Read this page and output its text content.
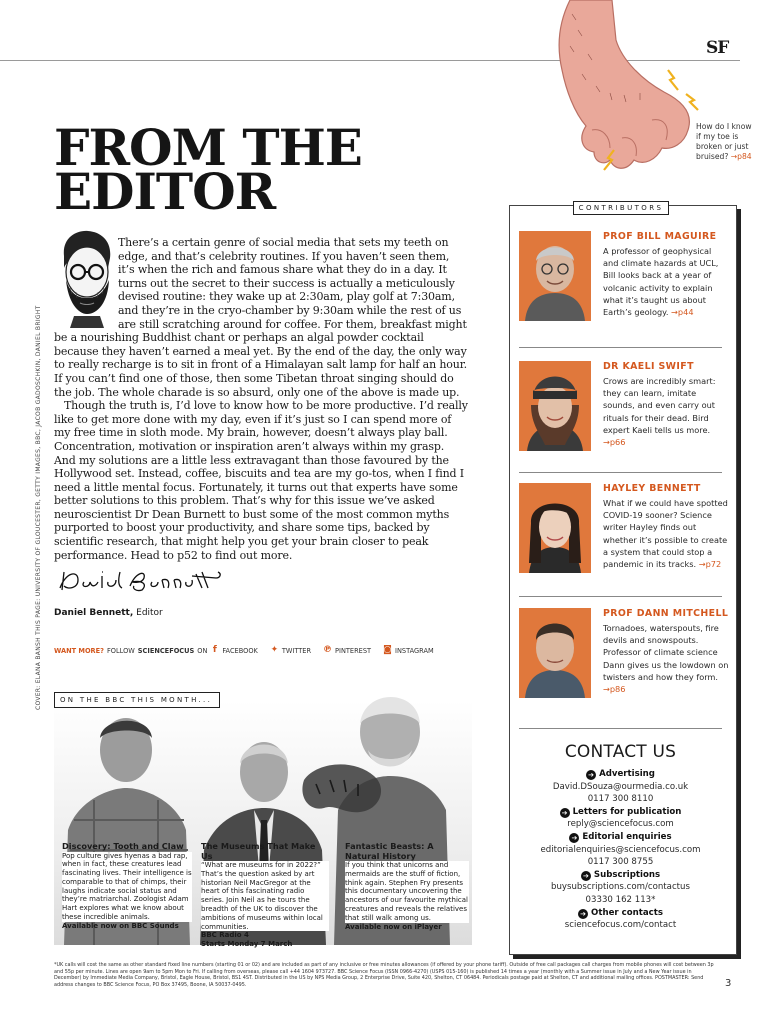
SF
How do I know if my toe is broken or just bruised? →p84
FROM THE
EDITOR
COVER: ELANA BANSH THIS PAGE: UNIVERSITY OF GLOUCESTER, GETTY IMAGES, BBC, JACOB GADOSCHKIN, DANIEL BRIGHT
There’s a certain genre of social media that sets my teeth on edge, and that’s celebrity routines. If you haven’t seen them, it’s when the rich and famous share what they do in a day. It turns out the secret to their success is actually a meticulously devised routine: they wake up at 2:30am, play golf at 7:30am, and they’re in the cryo-chamber by 9:30am while the rest of us are still scratching around for coffee. For them, breakfast might be a nourishing Buddhist chant or perhaps an algal powder cocktail because they haven’t earned a meal yet. By the end of the day, the only way to really recharge is to sit in front of a Himalayan salt lamp for half an hour. If you can’t find one of those, then some Tibetan throat singing should do the job. The whole charade is so absurd, only one of the above is made up.
Though the truth is, I’d love to know how to be more productive. I’d really like to get more done with my day, even if it’s just so I can spend more of my free time in sloth mode. My brain, however, doesn’t always play ball. Concentration, motivation or inspiration aren’t always within my grasp. And my solutions are a little less extravagant than those favoured by the Hollywood set. Instead, coffee, biscuits and tea are my go-tos, when I find I need a little mental focus. Fortunately, it turns out that experts have some better solutions to this problem. That’s why for this issue we’ve asked neuroscientist Dr Dean Burnett to bust some of the most common myths purported to boost your productivity, and share some tips, backed by scientific research, that might help you get your brain closer to peak performance. Head to p52 to find out more.
Daniel Bennett, Editor
WANT MORE? FOLLOW SCIENCEFOCUS ON f FACEBOOK ✦ TWITTER ℗ PINTEREST ◙ INSTAGRAM
ON THE BBC THIS MONTH...
Discovery: Tooth and Claw
Pop culture gives hyenas a bad rap, when in fact, these creatures lead fascinating lives. Their intelligence is comparable to that of chimps, their laughs indicate social status and they’re matriarchal. Zoologist Adam Hart explores what we know about these incredible animals.
Available now on BBC Sounds
The Museums That Make Us
“What are museums for in 2022?” That’s the question asked by art historian Neil MacGregor at the heart of this fascinating radio series. Join Neil as he tours the breadth of the UK to discover the ambitions of museums within local communities.
BBC Radio 4
Starts Monday 7 March
Fantastic Beasts: A Natural History
If you think that unicorns and mermaids are the stuff of fiction, think again. Stephen Fry presents this documentary uncovering the ancestors of our favourite mythical creatures and reveals the relatives that still walk among us.
Available now on iPlayer
CONTRIBUTORS
PROF BILL MAGUIRE
A professor of geophysical and climate hazards at UCL, Bill looks back at a year of volcanic activity to explain what it’s taught us about Earth’s geology. →p44
DR KAELI SWIFT
Crows are incredibly smart: they can learn, imitate sounds, and even carry out rituals for their dead. Bird expert Kaeli tells us more. →p66
HAYLEY BENNETT
What if we could have spotted COVID-19 sooner? Science writer Hayley finds out whether it’s possible to create a system that could stop a pandemic in its tracks. →p72
PROF DANN MITCHELL
Tornadoes, waterspouts, fire devils and snowspouts. Professor of climate science Dann gives us the lowdown on twisters and how they form. →p86
CONTACT US
➔ Advertising
David.DSouza@ourmedia.co.uk
0117 300 8110
➔ Letters for publication
reply@sciencefocus.com
➔ Editorial enquiries
editorialenquiries@sciencefocus.com
0117 300 8755
➔ Subscriptions
buysubscriptions.com/contactus
03330 162 113*
➔ Other contacts
sciencefocus.com/contact
*UK calls will cost the same as other standard fixed line numbers (starting 01 or 02) and are included as part of any inclusive or free minutes allowances (if offered by your phone tariff). Outside of free call packages call charges from mobile phones will cost between 3p and 55p per minute. Lines are open 9am to 5pm Mon to Fri. If calling from overseas, please call +44 1604 973727. BBC Science Focus (ISSN 0966-4270) (USPS 015-160) is published 14 times a year (monthly with a Summer issue in July and a New Year issue in December) by Immediate Media Company, Bristol, Eagle House, Bristol, BS1 4ST. Distributed in the US by NPS Media Group, 2 Enterprise Drive, Suite 420, Shelton, CT 06484. Periodicals postage paid at Shelton, CT and additional mailing offices. POSTMASTER: Send address changes to BBC Science Focus, PO Box 37495, Boone, IA 50037-0495.	3
